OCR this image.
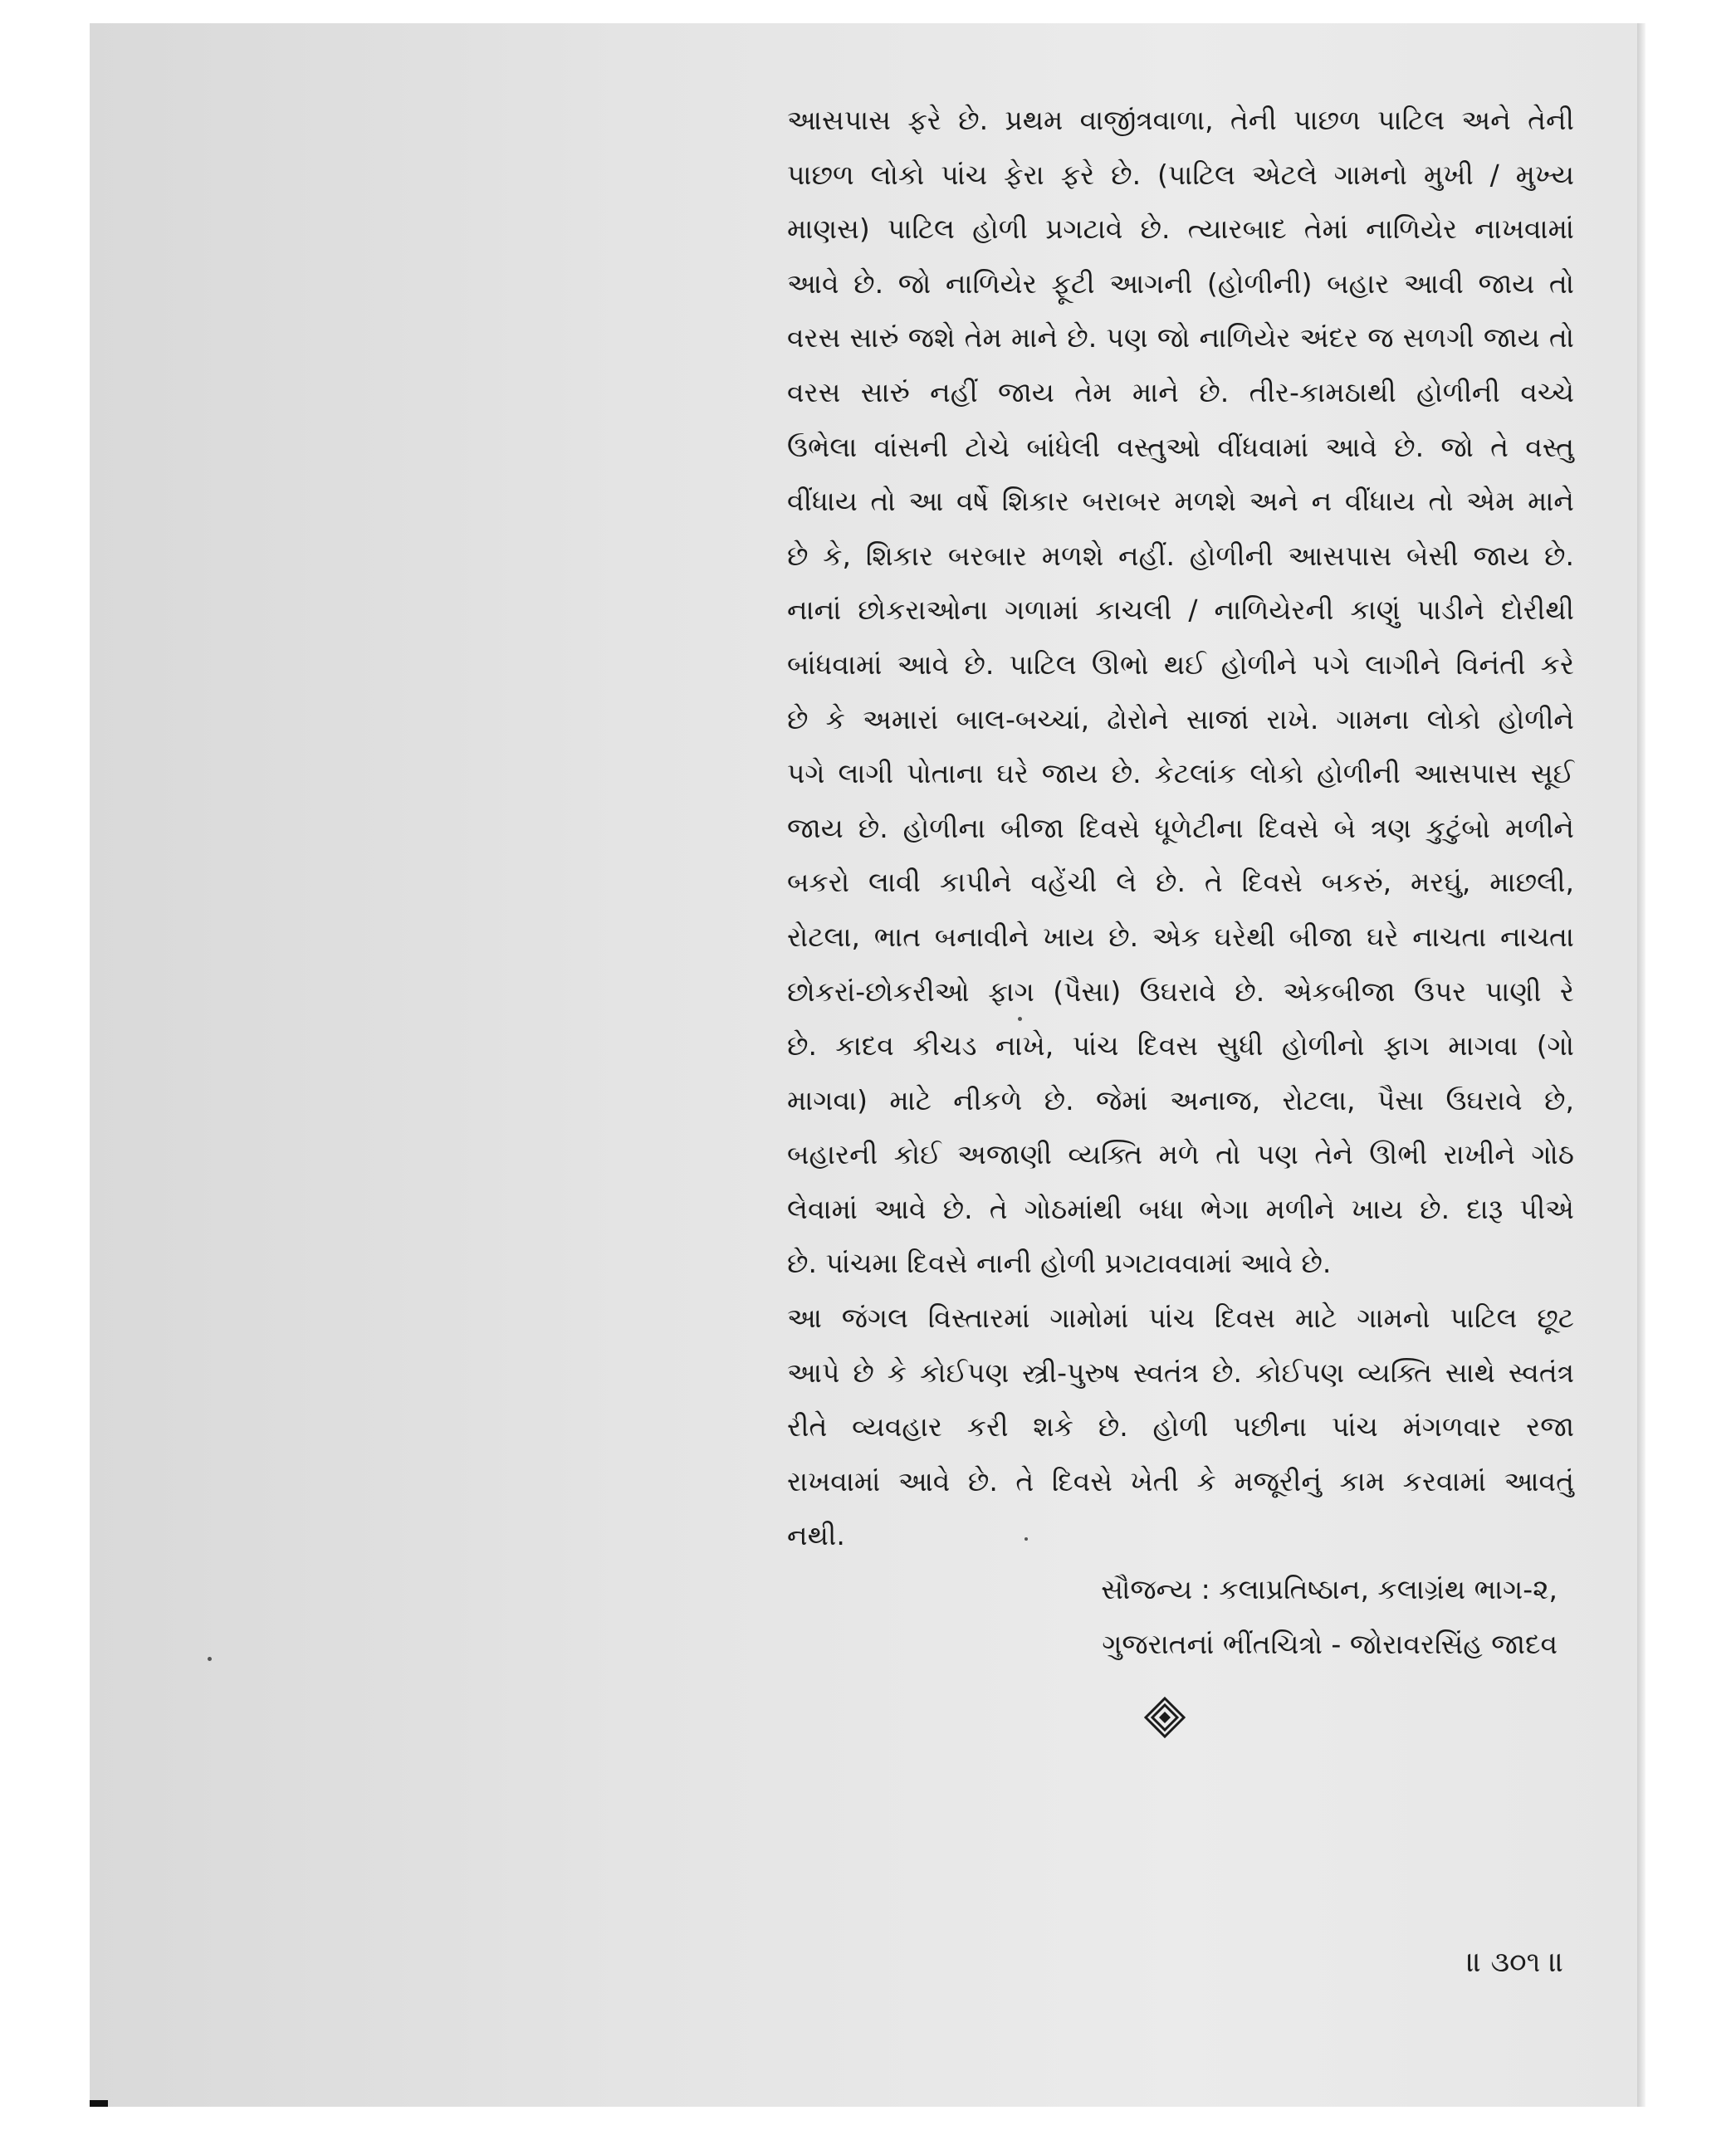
આસપાસ ફરે છે. પ્રથમ વાજીંત્રવાળા, તેની પાછળ પાટિલ અને તેની
પાછળ લોકો પાંચ ફેરા ફરે છે. (પાટિલ એટલે ગામનો મુખી / મુખ્ય
માણસ) પાટિલ હોળી પ્રગટાવે છે. ત્યારબાદ તેમાં નાળિયેર નાખવામાં
આવે છે. જો નાળિયેર ફૂટી આગની (હોળીની) બહાર આવી જાય તો
વરસ સારું જશે તેમ માને છે. પણ જો નાળિયેર અંદર જ સળગી જાય તો
વરસ સારું નહીં જાય તેમ માને છે. તીર-કામઠાથી હોળીની વચ્ચે
ઉભેલા વાંસની ટોચે બાંધેલી વસ્તુઓ વીંધવામાં આવે છે. જો તે વસ્તુ
વીંધાય તો આ વર્ષે શિકાર બરાબર મળશે અને ન વીંધાય તો એમ માને
છે કે, શિકાર બરબાર મળશે નહીં. હોળીની આસપાસ બેસી જાય છે.
નાનાં છોકરાઓના ગળામાં કાચલી / નાળિયેરની કાણું પાડીને દોરીથી
બાંધવામાં આવે છે. પાટિલ ઊભો થઈ હોળીને પગે લાગીને વિનંતી કરે
છે કે અમારાં બાલ-બચ્ચાં, ઢોરોને સાજાં રાખે. ગામના લોકો હોળીને
પગે લાગી પોતાના ઘરે જાય છે. કેટલાંક લોકો હોળીની આસપાસ સૂઈ
જાય છે. હોળીના બીજા દિવસે ધૂળેટીના દિવસે બે ત્રણ કુટુંબો મળીને
બકરો લાવી કાપીને વહેંચી લે છે. તે દિવસે બકરું, મરઘું, માછલી,
રોટલા, ભાત બનાવીને ખાય છે. એક ઘરેથી બીજા ઘરે નાચતા નાચતા
છોકરાં-છોકરીઓ ફાગ (પૈસા) ઉઘરાવે છે. એકબીજા ઉપર પાણી રે
છે. કાદવ કીચડ નાખે, પાંચ દિવસ સુધી હોળીનો ફાગ માગવા (ગો
માગવા) માટે નીકળે છે. જેમાં અનાજ, રોટલા, પૈસા ઉઘરાવે છે,
બહારની કોઈ અજાણી વ્યક્તિ મળે તો પણ તેને ઊભી રાખીને ગોઠ
લેવામાં આવે છે. તે ગોઠમાંથી બધા ભેગા મળીને ખાય છે. દારૂ પીએ
છે. પાંચમા દિવસે નાની હોળી પ્રગટાવવામાં આવે છે.

આ જંગલ વિસ્તારમાં ગામોમાં પાંચ દિવસ માટે ગામનો પાટિલ છૂટ
આપે છે કે કોઈપણ સ્ત્રી-પુરુષ સ્વતંત્ર છે. કોઈપણ વ્યક્તિ સાથે સ્વતંત્ર
રીતે વ્યવહાર કરી શકે છે. હોળી પછીના પાંચ મંગળવાર રજા
રાખવામાં આવે છે. તે દિવસે ખેતી કે મજૂરીનું કામ કરવામાં આવતું
નથી.

સૌજન્ય : કલાપ્રતિષ્ઠાન, કલાગ્રંથ ભાગ-૨,
ગુજરાતનાં ભીંતચિત્રો - જોરાવરસિંહ જાદવ
॥ ૩૦૧ ॥
